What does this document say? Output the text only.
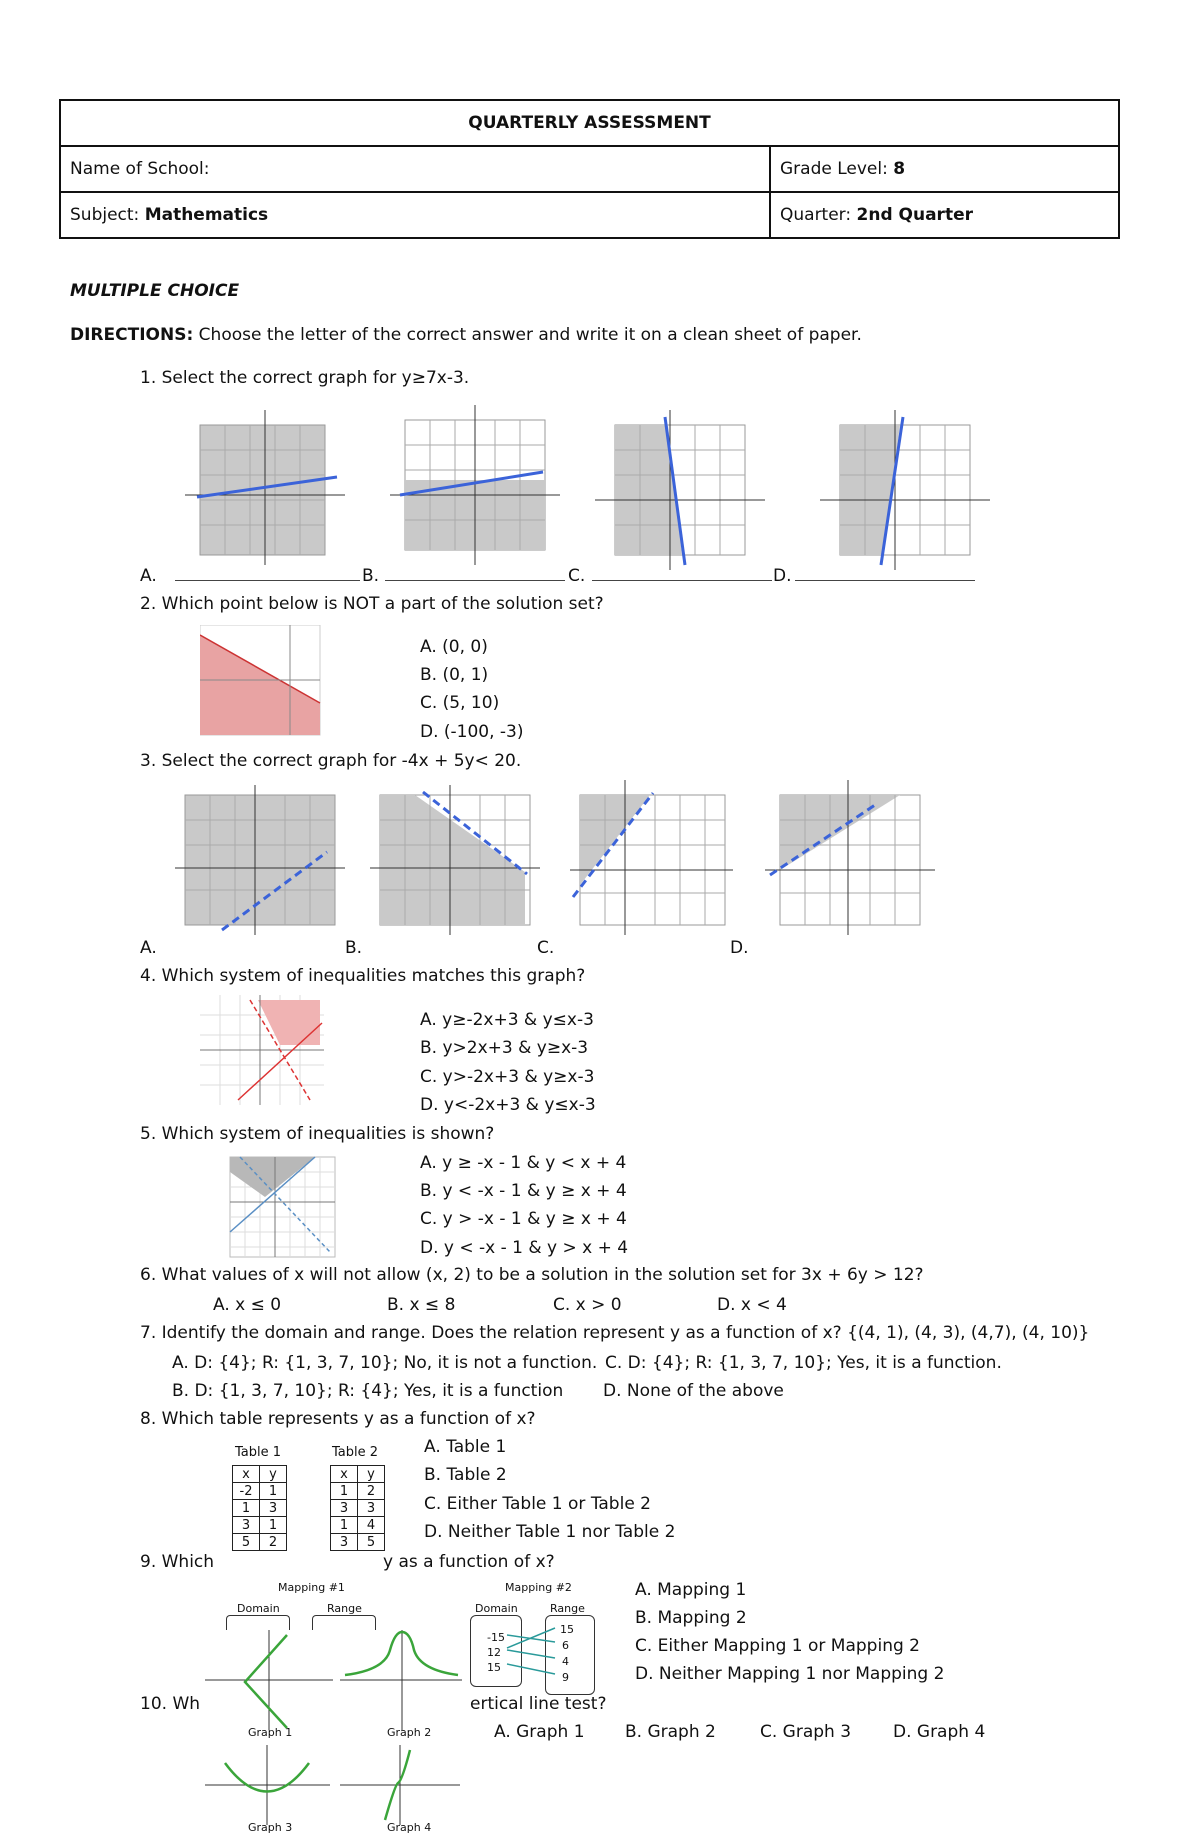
QUARTERLY ASSESSMENT	
Name of School:	Grade Level: 8
Subject: Mathematics	Quarter: 2nd Quarter
MULTIPLE CHOICE
DIRECTIONS: Choose the letter of the correct answer and write it on a clean sheet of paper.
1. Select the correct graph for y≥7x-3.
A.	B.	C.	D.
2. Which point below is NOT a part of the solution set?
A. (0, 0)
B. (0, 1)
C. (5, 10)
D. (-100, -3)
3. Select the correct graph for -4x + 5y< 20.
A.	B.	C.	D.
4. Which system of inequalities matches this graph?
A. y≥-2x+3 & y≤x-3
B. y>2x+3 & y≥x-3
C. y>-2x+3 & y≥x-3
D. y<-2x+3 & y≤x-3
5. Which system of inequalities is shown?
A. y ≥ -x - 1 & y < x + 4
B. y < -x - 1 & y ≥ x + 4
C. y > -x - 1 & y ≥ x + 4
D. y < -x - 1 & y > x + 4
6. What values of x will not allow (x, 2) to be a solution in the solution set for 3x + 6y > 12?
A. x ≤ 0	B. x ≤ 8	C. x > 0	D. x < 4
7. Identify the domain and range. Does the relation represent y as a function of x? {(4, 1), (4, 3), (4,7), (4, 10)}
A. D: {4}; R: {1, 3, 7, 10}; No, it is not a function. C. D: {4}; R: {1, 3, 7, 10}; Yes, it is a function.
B. D: {1, 3, 7, 10}; R: {4}; Yes, it is a function D. None of the above
8. Which table represents y as a function of x?
Table 1
x	y
-2	1
1	3
3	1
5	2
Table 2
x	y
1	2
3	3
1	4
3	5
A. Table 1
B. Table 2
C. Either Table 1 or Table 2
D. Neither Table 1 nor Table 2
9. Which	y as a function of x?
Mapping #1
Domain	Range
Mapping #2
Domain	Range
-15
12
15
15
6
4
9
A. Mapping 1
B. Mapping 2
C. Either Mapping 1 or Mapping 2
D. Neither Mapping 1 nor Mapping 2
Graph 1	Graph 2
Graph 3	Graph 4
10. Wh	ertical line test?
A. Graph 1 B. Graph 2	C. Graph 3 D. Graph 4
